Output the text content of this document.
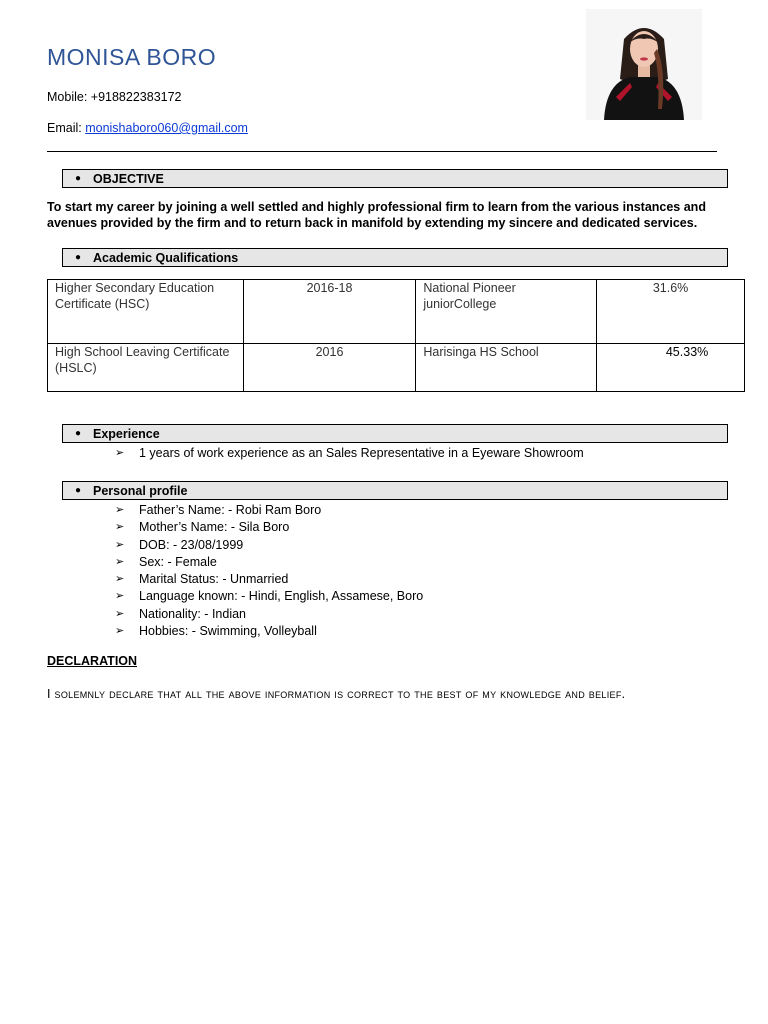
MONISA BORO
Mobile: +918822383172
Email: monishaboro060@gmail.com
● OBJECTIVE
To start my career by joining a well settled and highly professional firm to learn from the various instances and avenues provided by the firm and to return back in manifold by extending my sincere and dedicated services.
● Academic Qualifications
Higher Secondary Education Certificate (HSC)	2016-18	National Pioneer juniorCollege	31.6%
High School Leaving Certificate (HSLC)	2016	Harisinga HS School	45.33%
● Experience
➢ 1 years of work experience as an Sales Representative in a Eyeware Showroom
● Personal profile
➢ Father’s Name: - Robi Ram Boro
➢ Mother’s Name: - Sila Boro
➢ DOB: - 23/08/1999
➢ Sex: - Female
➢ Marital Status: - Unmarried
➢ Language known: - Hindi, English, Assamese, Boro
➢ Nationality: - Indian
➢ Hobbies: - Swimming, Volleyball
DECLARATION
I solemnly declare that all the above information is correct to the best of my knowledge and belief.
